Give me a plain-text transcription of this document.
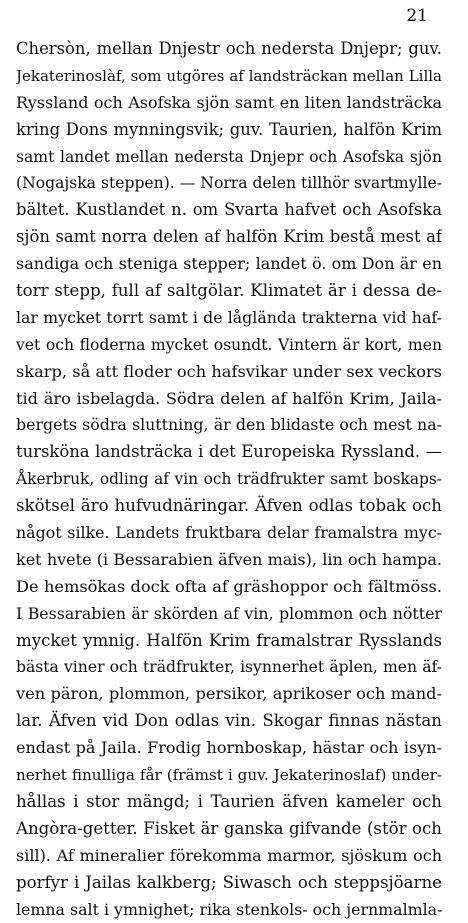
21
Chersòn, mellan Dnjestr och nedersta Dnjepr; guv.
Jekaterinoslàf, som utgöres af landsträckan mellan Lilla
Ryssland och Asofska sjön samt en liten landsträcka
kring Dons mynningsvik; guv. Taurien, halfön Krim
samt landet mellan nedersta Dnjepr och Asofska sjön
(Nogajska steppen). — Norra delen tillhör svartmylle-
bältet. Kustlandet n. om Svarta hafvet och Asofska
sjön samt norra delen af halfön Krim bestå mest af
sandiga och steniga stepper; landet ö. om Don är en
torr stepp, full af saltgölar. Klimatet är i dessa de-
lar mycket torrt samt i de låglända trakterna vid haf-
vet och floderna mycket osundt. Vintern är kort, men
skarp, så att floder och hafsvikar under sex veckors
tid äro isbelagda. Södra delen af halfön Krim, Jaila-
bergets södra sluttning, är den blidaste och mest na-
tursköna landsträcka i det Europeiska Ryssland. —
Åkerbruk, odling af vin och trädfrukter samt boskaps-
skötsel äro hufvudnäringar. Äfven odlas tobak och
något silke. Landets fruktbara delar framalstra myc-
ket hvete (i Bessarabien äfven mais), lin och hampa.
De hemsökas dock ofta af gräshoppor och fältmöss.
I Bessarabien är skörden af vin, plommon och nötter
mycket ymnig. Halfön Krim framalstrar Rysslands
bästa viner och trädfrukter, isynnerhet äplen, men äf-
ven päron, plommon, persikor, aprikoser och mand-
lar. Äfven vid Don odlas vin. Skogar finnas nästan
endast på Jaila. Frodig hornboskap, hästar och isyn-
nerhet finulliga får (främst i guv. Jekaterinoslaf) under-
hållas i stor mängd; i Taurien äfven kameler och
Angòra-getter. Fisket är ganska gifvande (stör och
sill). Af mineralier förekomma marmor, sjöskum och
porfyr i Jailas kalkberg; Siwasch och steppsjöarne
lemna salt i ymnighet; rika stenkols- och jernmalmla-
